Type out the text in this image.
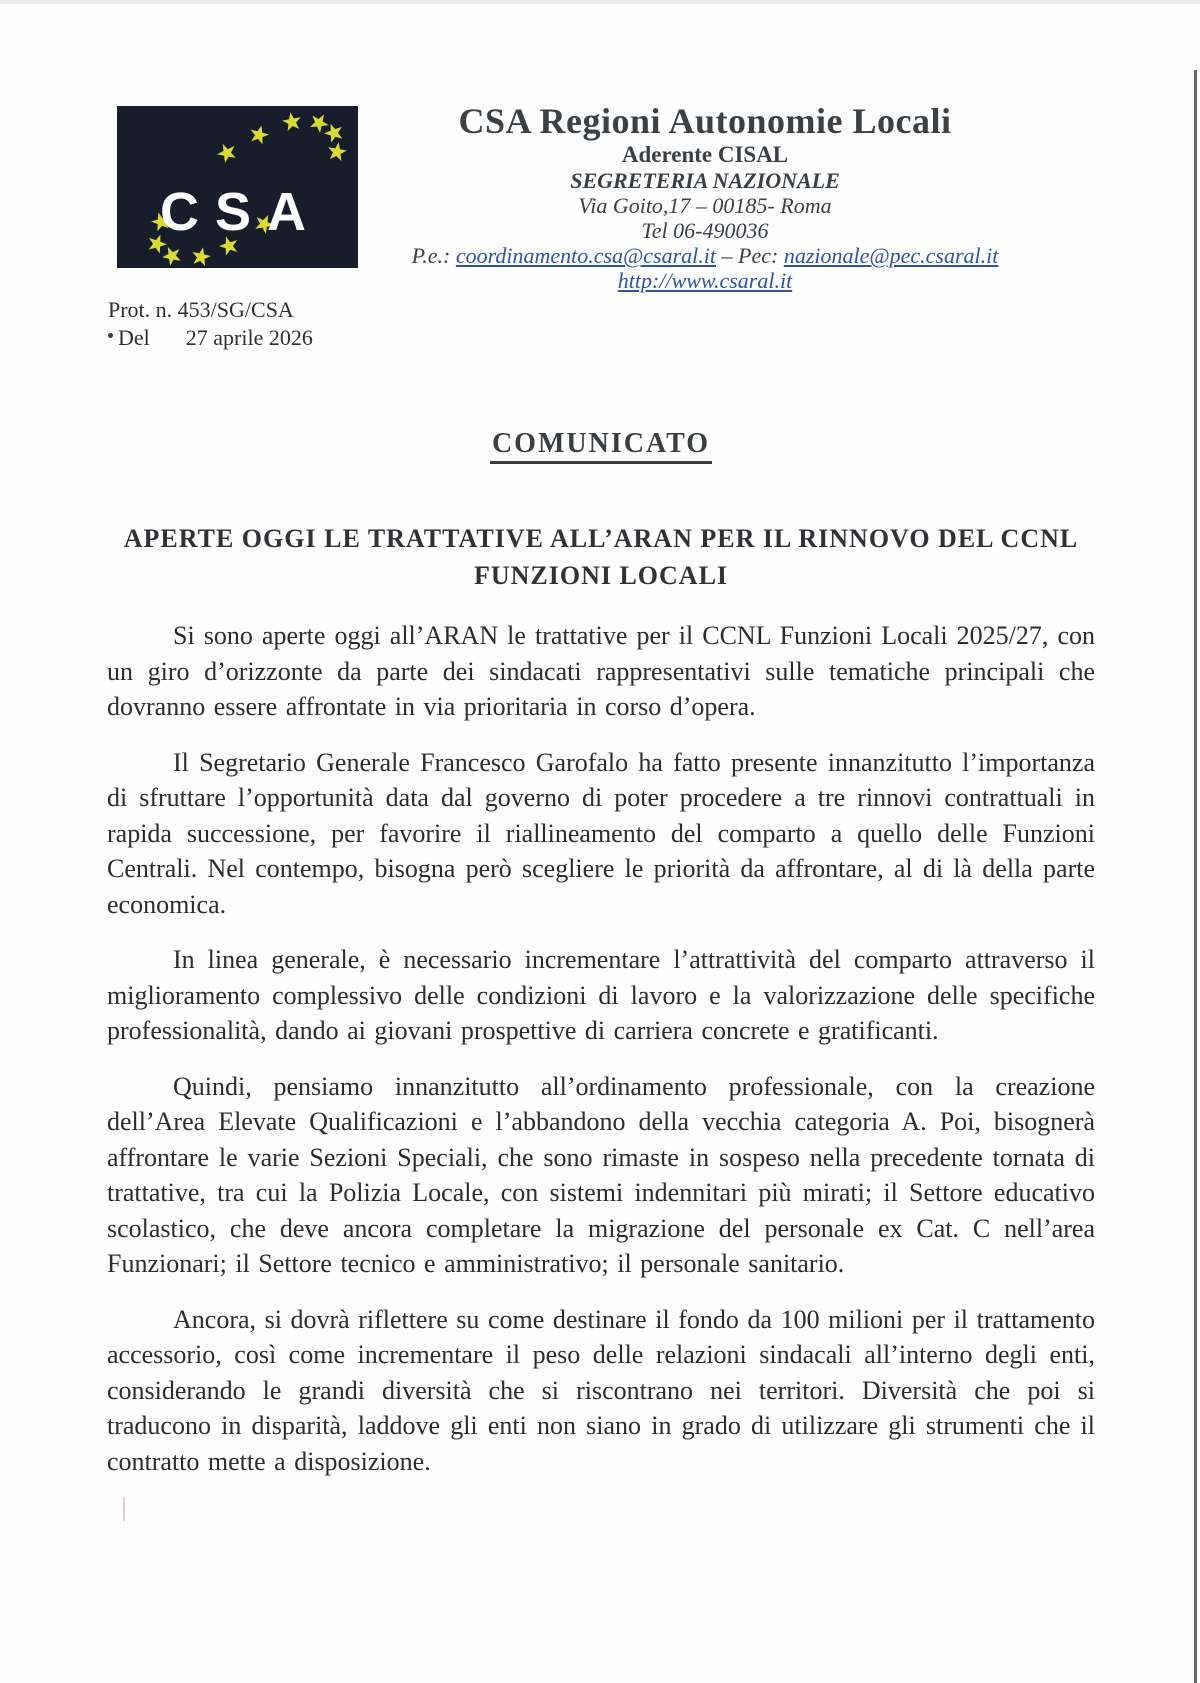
CSA
CSA Regioni Autonomie Locali
Aderente CISAL
SEGRETERIA NAZIONALE
Via Goito,17 – 00185- Roma
Tel 06-490036
P.e.: coordinamento.csa@csaral.it – Pec: nazionale@pec.csaral.it
http://www.csaral.it
Prot. n. 453/SG/CSA
Del 27 aprile 2026
COMUNICATO
APERTE OGGI LE TRATTATIVE ALL’ARAN PER IL RINNOVO DEL CCNL
FUNZIONI LOCALI

Si sono aperte oggi all’ARAN le trattative per il CCNL Funzioni Locali 2025/27, con un giro d’orizzonte da parte dei sindacati rappresentativi sulle tematiche principali che dovranno essere affrontate in via prioritaria in corso d’opera.

Il Segretario Generale Francesco Garofalo ha fatto presente innanzitutto l’importanza di sfruttare l’opportunità data dal governo di poter procedere a tre rinnovi contrattuali in rapida successione, per favorire il riallineamento del comparto a quello delle Funzioni Centrali. Nel contempo, bisogna però scegliere le priorità da affrontare, al di là della parte economica.

In linea generale, è necessario incrementare l’attrattività del comparto attraverso il miglioramento complessivo delle condizioni di lavoro e la valorizzazione delle specifiche professionalità, dando ai giovani prospettive di carriera concrete e gratificanti.

Quindi, pensiamo innanzitutto all’ordinamento professionale, con la creazione dell’Area Elevate Qualificazioni e l’abbandono della vecchia categoria A. Poi, bisognerà affrontare le varie Sezioni Speciali, che sono rimaste in sospeso nella precedente tornata di trattative, tra cui la Polizia Locale, con sistemi indennitari più mirati; il Settore educativo scolastico, che deve ancora completare la migrazione del personale ex Cat. C nell’area Funzionari; il Settore tecnico e amministrativo; il personale sanitario.

Ancora, si dovrà riflettere su come destinare il fondo da 100 milioni per il trattamento accessorio, così come incrementare il peso delle relazioni sindacali all’interno degli enti, considerando le grandi diversità che si riscontrano nei territori. Diversità che poi si traducono in disparità, laddove gli enti non siano in grado di utilizzare gli strumenti che il contratto mette a disposizione.
